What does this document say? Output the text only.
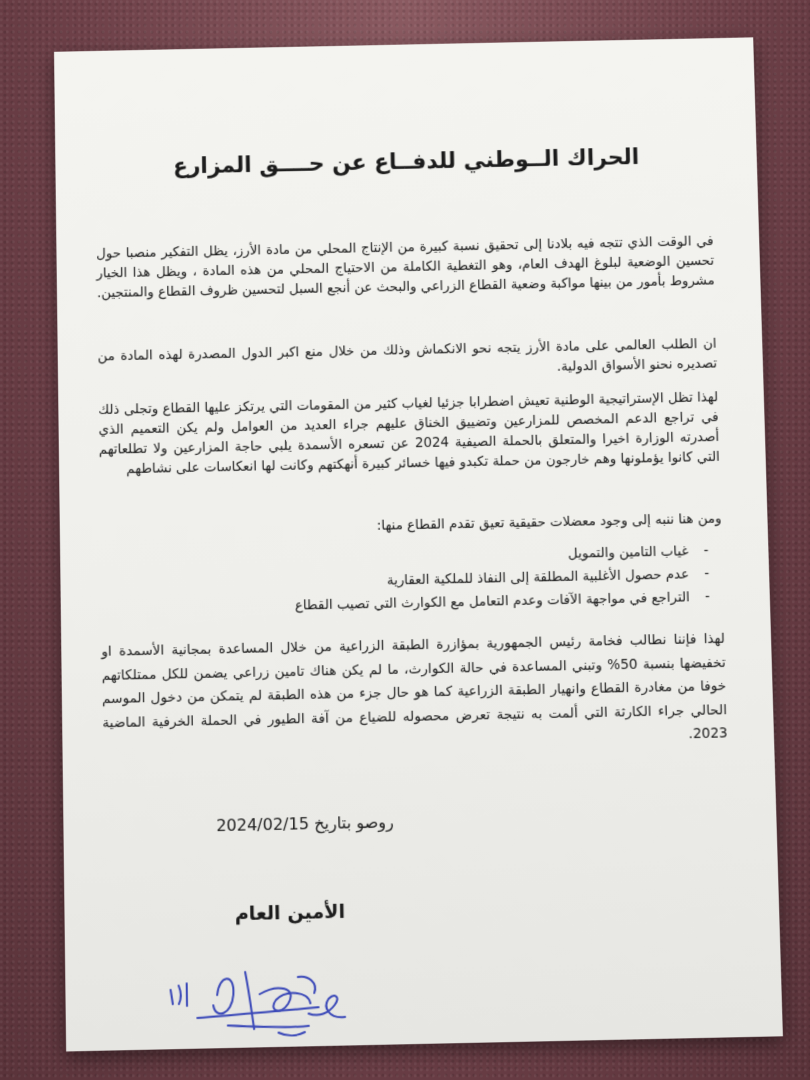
الحراك الــوطني للدفــاع عن حــــق المزارع
في الوقت الذي تتجه فيه بلادنا إلى تحقيق نسبة كبيرة من الإنتاج المحلي من مادة الأرز، يظل التفكير منصبا حول تحسين الوضعية لبلوغ الهدف العام، وهو التغطية الكاملة من الاحتياج المحلي من هذه المادة ، ويظل هذا الخيار مشروط بأمور من بينها مواكبة وضعية القطاع الزراعي والبحث عن أنجع السبل لتحسين ظروف القطاع والمنتجين.
ان الطلب العالمي على مادة الأرز يتجه نحو الانكماش وذلك من خلال منع اكبر الدول المصدرة لهذه المادة من تصديره نحنو الأسواق الدولية.
لهذا تظل الإستراتيجية الوطنية تعيش اضطرابا جزئيا لغياب كثير من المقومات التي يرتكز عليها القطاع وتجلى ذلك في تراجع الدعم المخصص للمزارعين وتضييق الخناق عليهم جراء العديد من العوامل ولم يكن التعميم الذي أصدرته الوزارة اخيرا والمتعلق بالحملة الصيفية 2024 عن تسعره الأسمدة يلبي حاجة المزارعين ولا تطلعاتهم التي كانوا يؤملونها وهم خارجون من حملة تكبدو فيها خسائر كبيرة أنهكتهم وكانت لها انعكاسات على نشاطهم
ومن هنا ننبه إلى وجود معضلات حقيقية تعيق تقدم القطاع منها:
- غياب التامين والتمويل
- عدم حصول الأغلبية المطلقة إلى النفاذ للملكية العقارية
- التراجع في مواجهة الآفات وعدم التعامل مع الكوارث التي تصيب القطاع
لهذا فإننا نطالب فخامة رئيس الجمهورية بمؤازرة الطبقة الزراعية من خلال المساعدة بمجانية الأسمدة او تخفيضها بنسبة 50% وتبني المساعدة في حالة الكوارث، ما لم يكن هناك تامين زراعي يضمن للكل ممتلكاتهم خوفا من مغادرة القطاع وانهيار الطبقة الزراعية كما هو حال جزء من هذه الطبقة لم يتمكن من دخول الموسم الحالي جراء الكارثة التي ألمت به نتيجة تعرض محصوله للضياع من آفة الطيور في الحملة الخرفية الماضية 2023.
روصو بتاريخ 2024/02/15
الأمين العام
